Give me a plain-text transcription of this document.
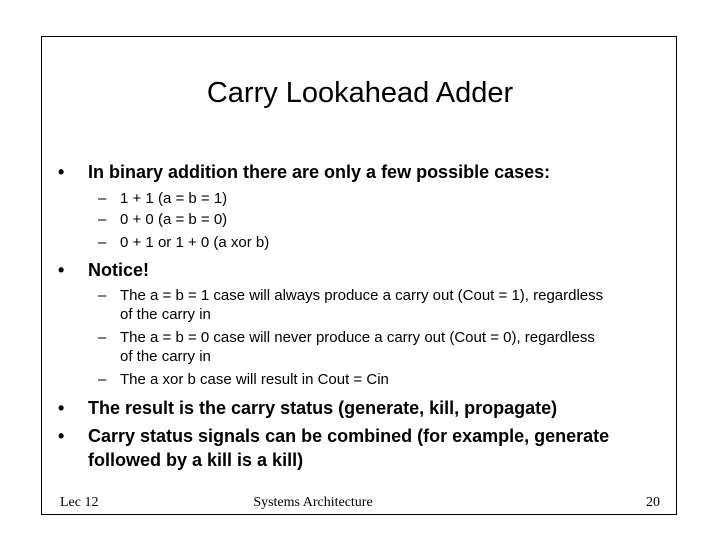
Carry Lookahead Adder
• In binary addition there are only a few possible cases:
– 1 + 1 (a = b = 1)
– 0 + 0 (a = b = 0)
– 0 + 1 or 1 + 0 (a xor b)
• Notice!
– The a = b = 1 case will always produce a carry out (Cout = 1), regardless
of the carry in
– The a = b = 0 case will never produce a carry out (Cout = 0), regardless
of the carry in
– The a xor b case will result in Cout = Cin
• The result is the carry status (generate, kill, propagate)
• Carry status signals can be combined (for example, generate
followed by a kill is a kill)
Lec 12	Systems Architecture	20
